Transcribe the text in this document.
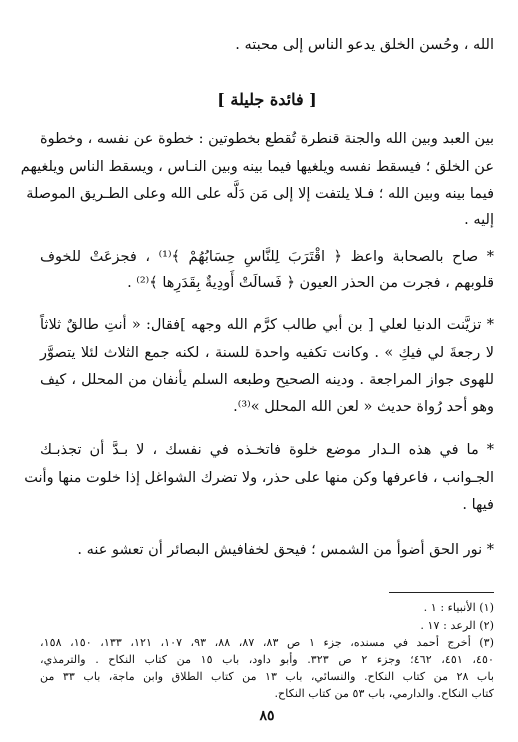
الله ، وحُسن الخلق يدعو الناس إلى محبته .
[ فائدة جليلة ]
بين العبد وبين الله والجنة قنطرة تُقطع بخطوتين : خطوة عن نفسه ، وخطوة
عن الخلق ؛ فيسقط نفسه ويلغيها فيما بينه وبين النـاس ، ويسقط الناس ويلغيهم
فيما بينه وبين الله ؛ فـلا يلتفت إلا إلى مَن دَلَّه على الله وعلى الطـريق الموصلة
إليه .
* صاح بالصحابة واعظ ﴿ اقْتَرَبَ لِلنَّاسِ حِسَابُهُمْ ﴾⁽¹⁾ ، فجزعَتْ للخوف
قلوبهم ، فجرت من الحذر العيون ﴿ فَسالَتْ أَودِيةٌ بِقَدَرِها ﴾⁽²⁾ .
* تزيَّنت الدنيا لعلي [ بن أبي طالب كرَّم الله وجهه ]فقال: « أنتِ طالقٌ ثلاثاً
لا رجعةَ لي فيكِ » . وكانت تكفيه واحدة للسنة ، لكنه جمع الثلاث لئلا يتصوَّر
للهوى جواز المراجعة . ودينه الصحيح وطبعه السلم يأنفان من المحلل ، كيف
وهو أحد رُواة حديث « لعن الله المحلل »⁽³⁾.
* ما في هذه الـدار موضع خلوة فاتخـذه في نفسك ، لا بـدَّ أن تجذبـك
الجـوانب ، فاعرفها وكن منها على حذر، ولا تضرك الشواغل إذا خلوت منها وأنت
فيها .
* نور الحق أضوأ من الشمس ؛ فيحق لخفافيش البصائر أن تعشو عنه .
(١) الأنبياء : ١ .
(٢) الرعد : ١٧ .
(٣) أخرج أحمد في مسنده، جزء ١ ص ٨٣، ٨٧، ٨٨، ٩٣، ١٠٧، ١٢١، ١٣٣، ١٥٠، ١٥٨،
٤٥٠، ٤٥١، ٤٦٢؛ وجزء ٢ ص ٣٢٣. وأبو داود، باب ١٥ من كتاب النكاح . والترمذي،
باب ٢٨ من كتاب النكاح. والنسائي، باب ١٣ من كتاب الطلاق وابن ماجة، باب ٣٣ من
كتاب النكاح. والدارمي، باب ٥٣ من كتاب النكاح.
٨٥
